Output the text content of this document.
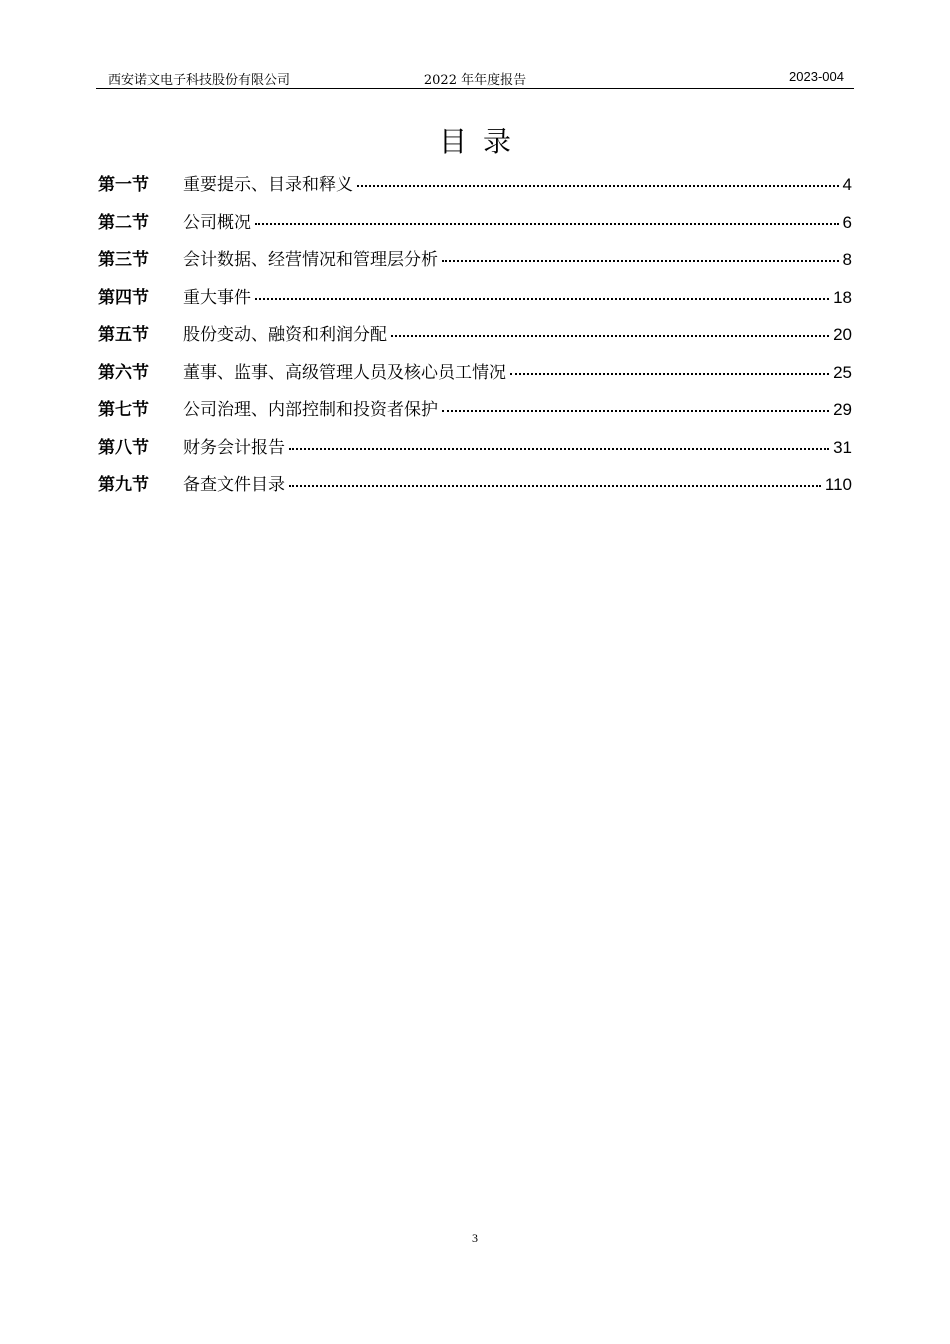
西安诺文电子科技股份有限公司	2022 年年度报告	2023-004
目录
第一节	重要提示、目录和释义	4
第二节	公司概况	6
第三节	会计数据、经营情况和管理层分析	8
第四节	重大事件	18
第五节	股份变动、融资和利润分配	20
第六节	董事、监事、高级管理人员及核心员工情况	25
第七节	公司治理、内部控制和投资者保护	29
第八节	财务会计报告	31
第九节	备查文件目录	110
3
